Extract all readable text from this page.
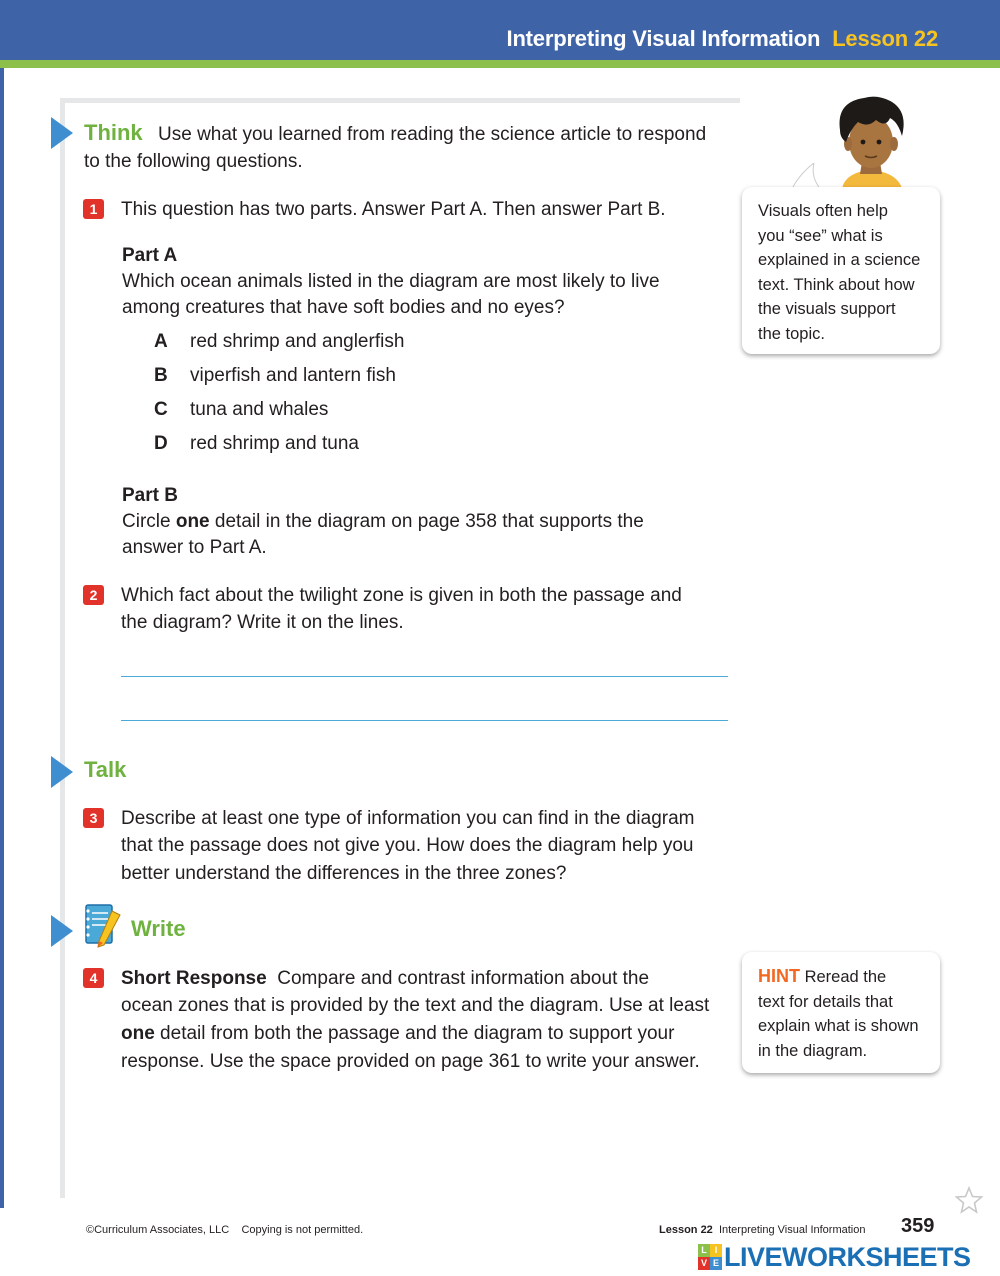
Interpreting Visual Information Lesson 22
Think Use what you learned from reading the science article to respond
to the following questions.
1	This question has two parts. Answer Part A. Then answer Part B.
Part A
Which ocean animals listed in the diagram are most likely to live
among creatures that have soft bodies and no eyes?
A red shrimp and anglerfish
B viperfish and lantern fish
C tuna and whales
D red shrimp and tuna
Part B
Circle one detail in the diagram on page 358 that supports the
answer to Part A.
2	Which fact about the twilight zone is given in both the passage and
the diagram? Write it on the lines.
Talk
3	Describe at least one type of information you can find in the diagram
that the passage does not give you. How does the diagram help you
better understand the differences in the three zones?
Write
4	Short Response Compare and contrast information about the
ocean zones that is provided by the text and the diagram. Use at least
one detail from both the passage and the diagram to support your
response. Use the space provided on page 361 to write your answer.
Visuals often help
you “see” what is
explained in a science
text. Think about how
the visuals support
the topic.
HINT Reread the
text for details that
explain what is shown
in the diagram.
©Curriculum Associates, LLC Copying is not permitted.	Lesson 22 Interpreting Visual Information 359
L I
V E LIVEWORKSHEETS
